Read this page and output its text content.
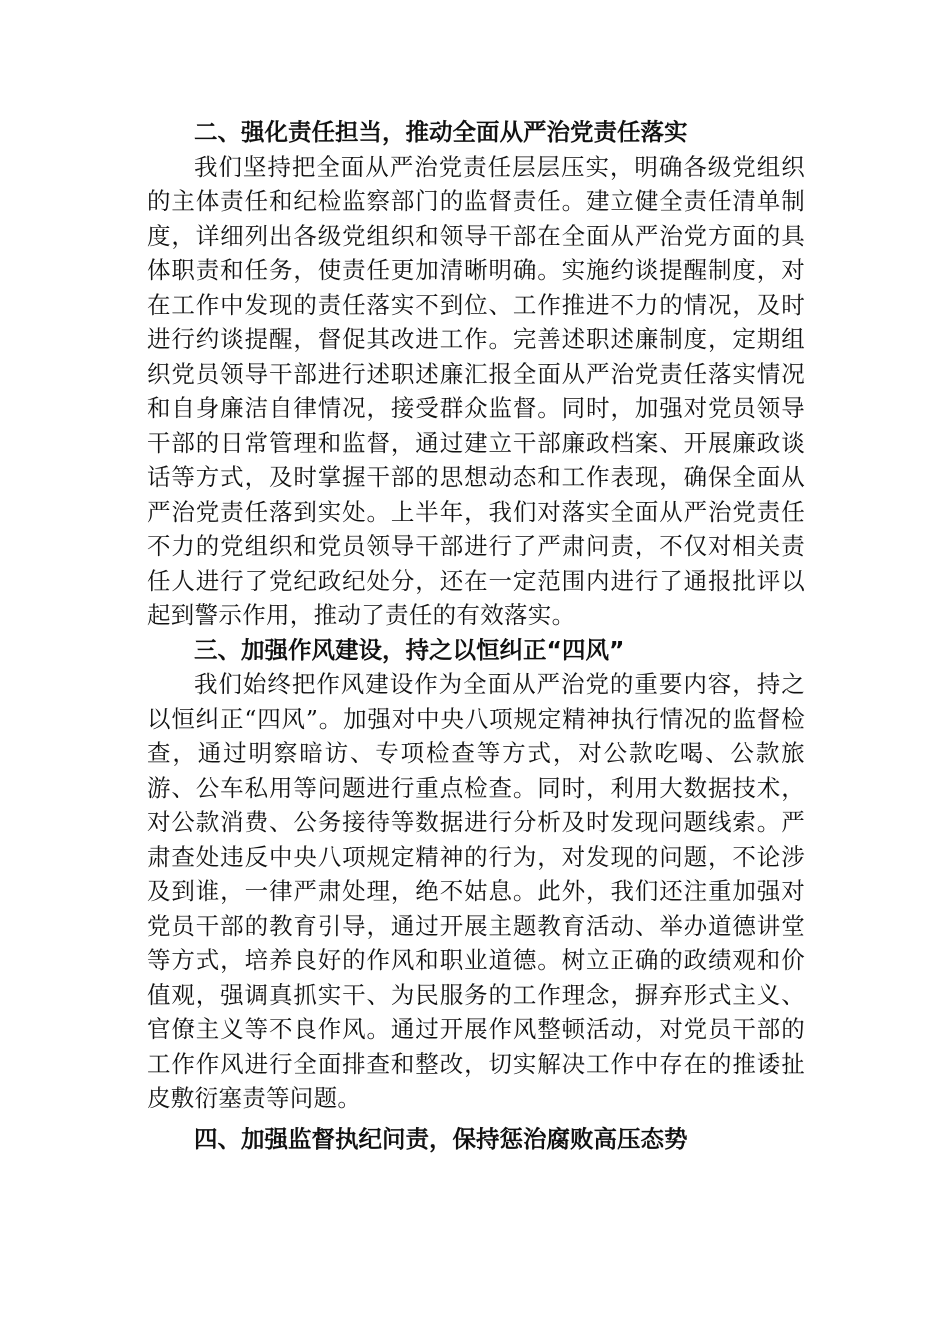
二、强化责任担当，推动全面从严治党责任落实

我们坚持把全面从严治党责任层层压实，明确各级党组织的主体责任和纪检监察部门的监督责任。建立健全责任清单制度，详细列出各级党组织和领导干部在全面从严治党方面的具体职责和任务，使责任更加清晰明确。实施约谈提醒制度，对在工作中发现的责任落实不到位、工作推进不力的情况，及时进行约谈提醒，督促其改进工作。完善述职述廉制度，定期组织党员领导干部进行述职述廉汇报全面从严治党责任落实情况和自身廉洁自律情况，接受群众监督。同时，加强对党员领导干部的日常管理和监督，通过建立干部廉政档案、开展廉政谈话等方式，及时掌握干部的思想动态和工作表现，确保全面从严治党责任落到实处。上半年，我们对落实全面从严治党责任不力的党组织和党员领导干部进行了严肃问责，不仅对相关责任人进行了党纪政纪处分，还在一定范围内进行了通报批评以起到警示作用，推动了责任的有效落实。

三、加强作风建设，持之以恒纠正“四风”

我们始终把作风建设作为全面从严治党的重要内容，持之以恒纠正“四风”。加强对中央八项规定精神执行情况的监督检查，通过明察暗访、专项检查等方式，对公款吃喝、公款旅游、公车私用等问题进行重点检查。同时，利用大数据技术，对公款消费、公务接待等数据进行分析及时发现问题线索。严肃查处违反中央八项规定精神的行为，对发现的问题，不论涉及到谁，一律严肃处理，绝不姑息。此外，我们还注重加强对党员干部的教育引导，通过开展主题教育活动、举办道德讲堂等方式，培养良好的作风和职业道德。树立正确的政绩观和价值观，强调真抓实干、为民服务的工作理念，摒弃形式主义、官僚主义等不良作风。通过开展作风整顿活动，对党员干部的工作作风进行全面排查和整改，切实解决工作中存在的推诿扯皮敷衍塞责等问题。

四、加强监督执纪问责，保持惩治腐败高压态势
